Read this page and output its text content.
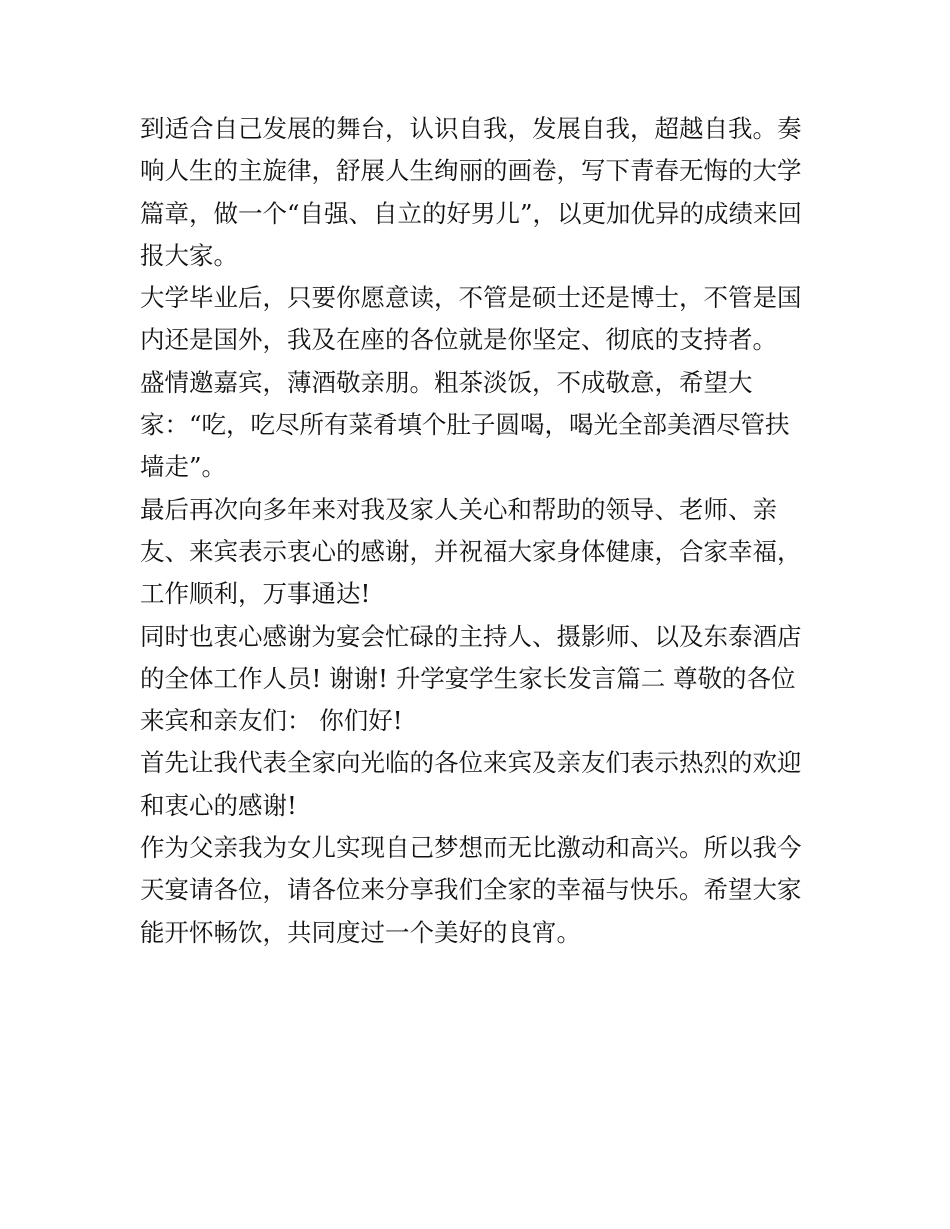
到适合自己发展的舞台，认识自我，发展自我，超越自我。奏
响人生的主旋律，舒展人生绚丽的画卷，写下青春无悔的大学
篇章，做一个“自强、自立的好男儿”，以更加优异的成绩来回
报大家。
大学毕业后，只要你愿意读，不管是硕士还是博士，不管是国
内还是国外，我及在座的各位就是你坚定、彻底的支持者。
盛情邀嘉宾，薄酒敬亲朋。粗茶淡饭，不成敬意，希望大
家：“吃，吃尽所有菜肴填个肚子圆喝，喝光全部美酒尽管扶
墙走”。
最后再次向多年来对我及家人关心和帮助的领导、老师、亲
友、来宾表示衷心的感谢，并祝福大家身体健康，合家幸福，
工作顺利，万事通达!
同时也衷心感谢为宴会忙碌的主持人、摄影师、以及东泰酒店
的全体工作人员! 谢谢! 升学宴学生家长发言篇二 尊敬的各位
来宾和亲友们： 你们好!
首先让我代表全家向光临的各位来宾及亲友们表示热烈的欢迎
和衷心的感谢!
作为父亲我为女儿实现自己梦想而无比激动和高兴。所以我今
天宴请各位，请各位来分享我们全家的幸福与快乐。希望大家
能开怀畅饮，共同度过一个美好的良宵。
